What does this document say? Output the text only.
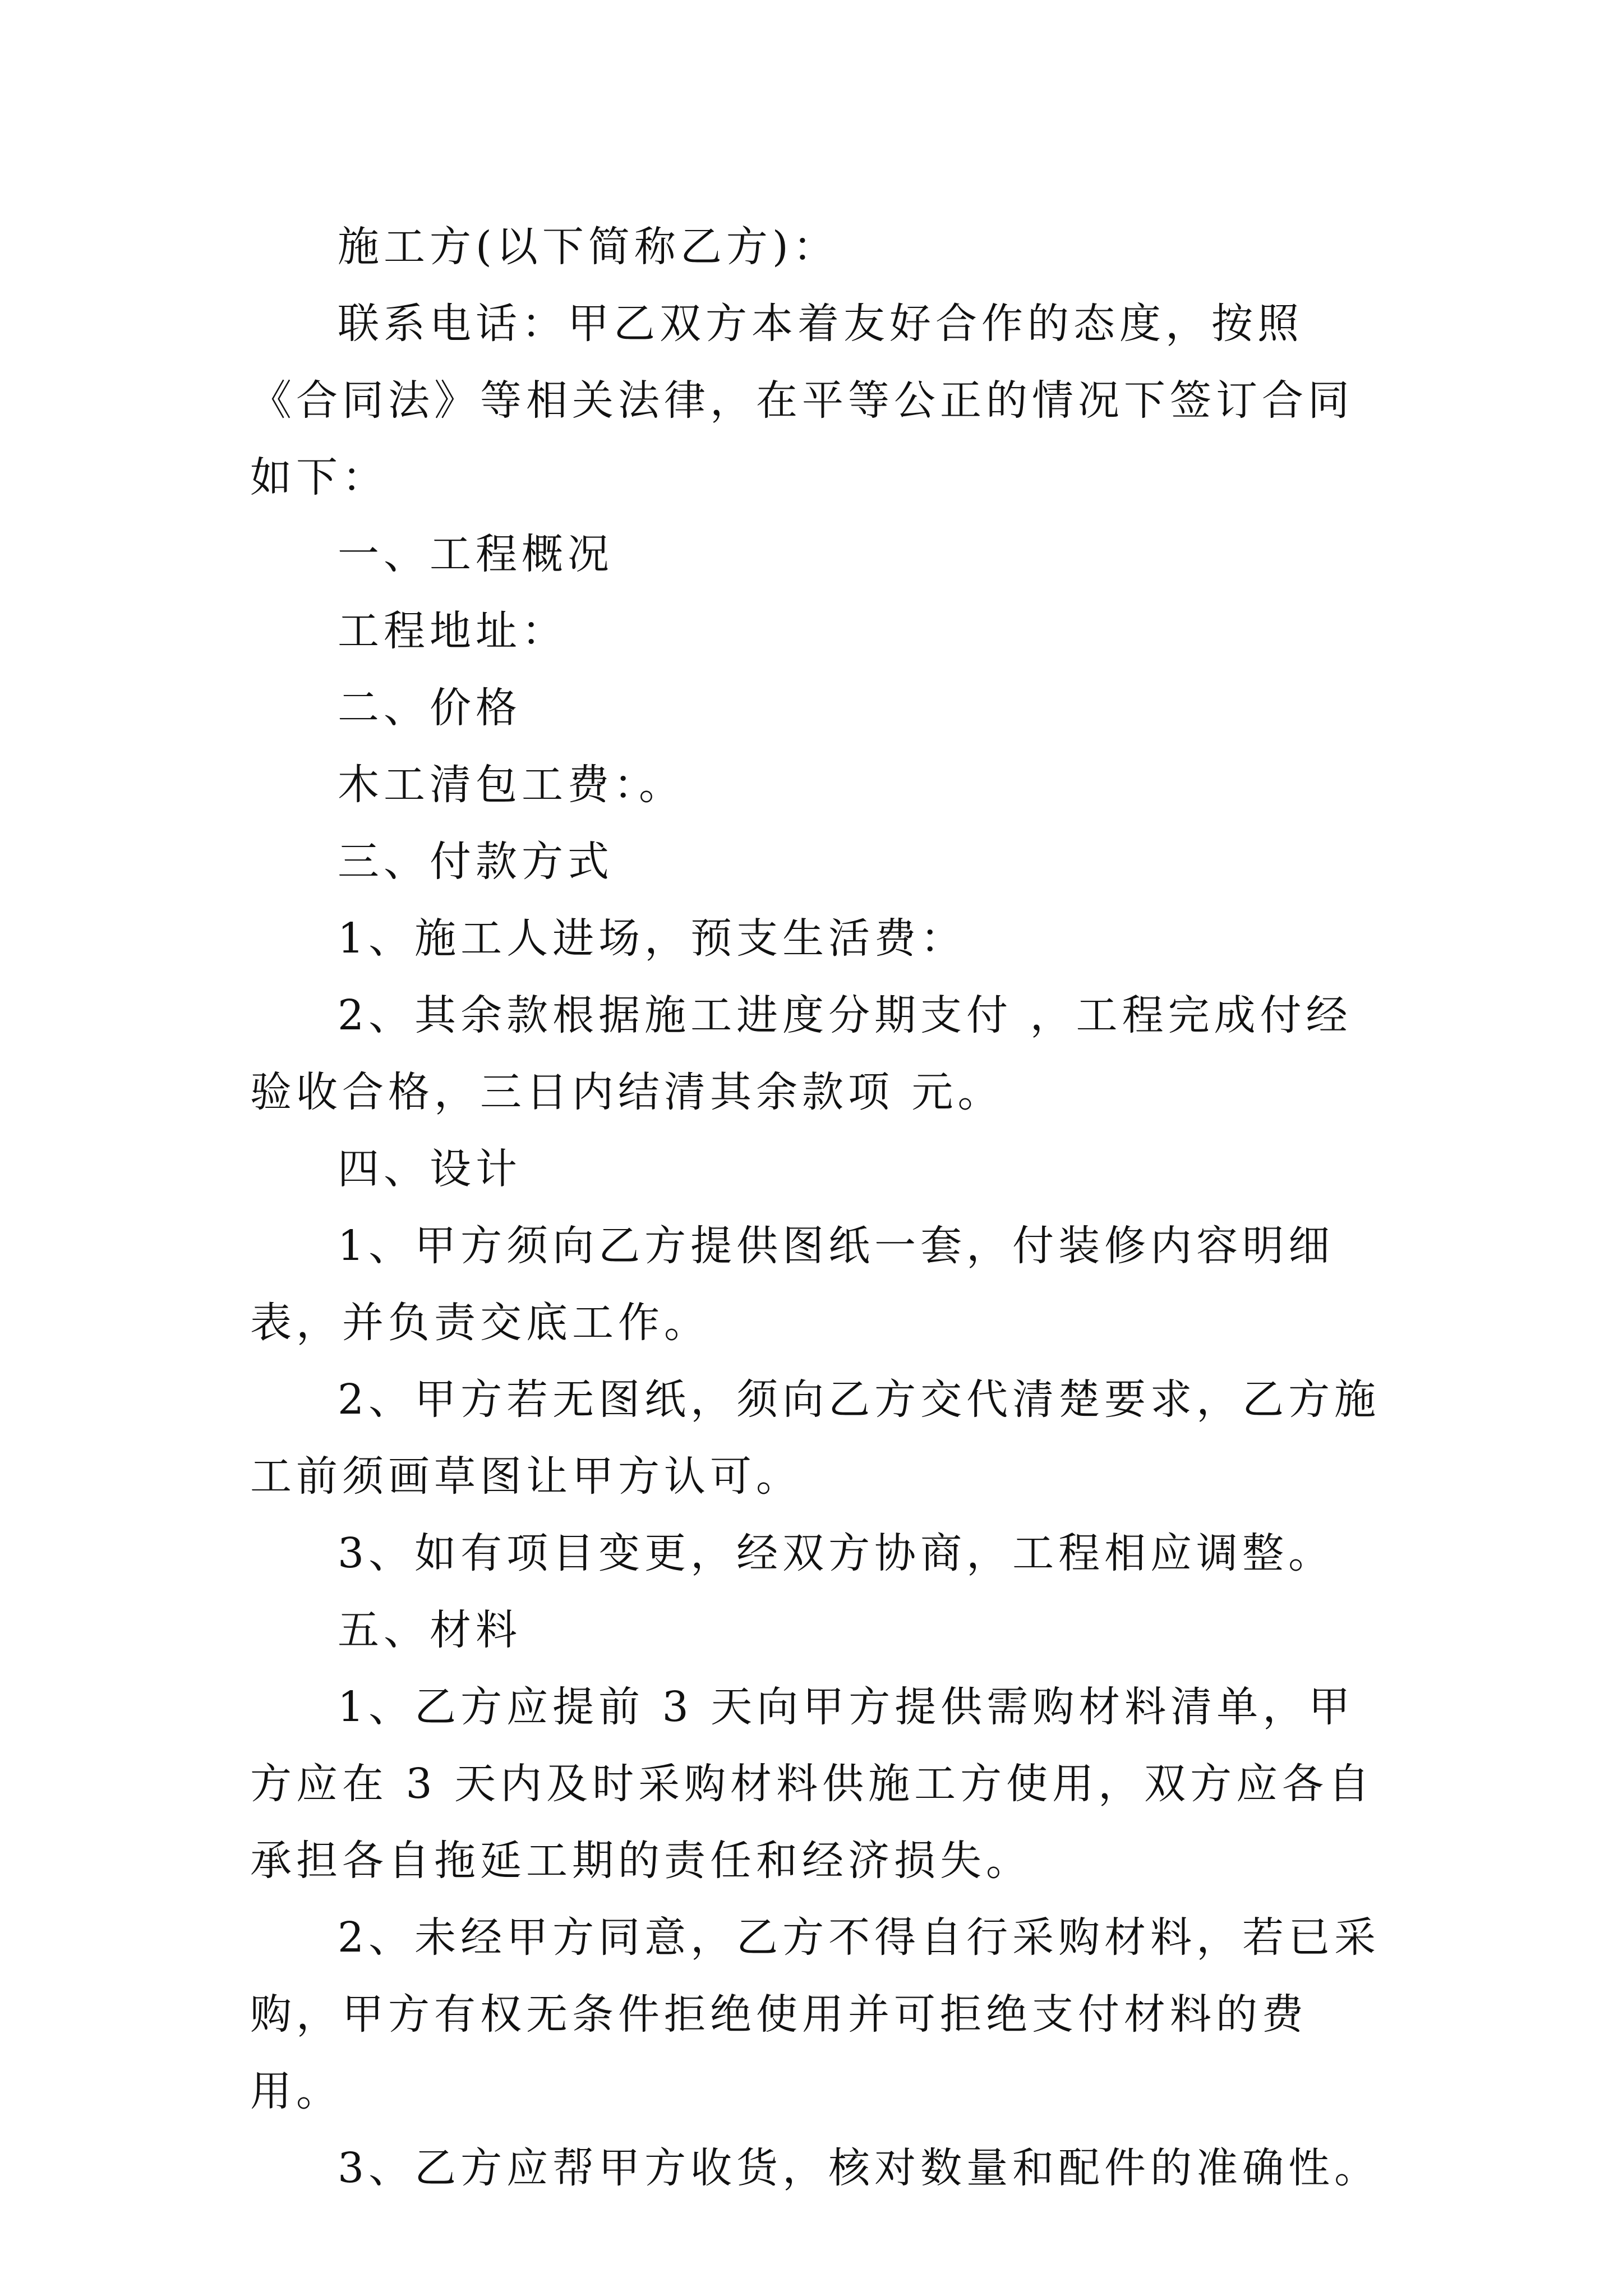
施工方(以下简称乙方)：

联系电话：甲乙双方本着友好合作的态度，按照《合同法》等相关法律，在平等公正的情况下签订合同如下：

一、工程概况

工程地址：

二、价格

木工清包工费：。

三、付款方式

1、施工人进场，预支生活费：

2、其余款根据施工进度分期支付 ，工程完成付经验收合格，三日内结清其余款项 元。

四、设计

1、甲方须向乙方提供图纸一套，付装修内容明细表，并负责交底工作。

2、甲方若无图纸，须向乙方交代清楚要求，乙方施工前须画草图让甲方认可。

3、如有项目变更，经双方协商，工程相应调整。

五、材料

1、乙方应提前 3 天向甲方提供需购材料清单，甲方应在 3 天内及时采购材料供施工方使用，双方应各自承担各自拖延工期的责任和经济损失。

2、未经甲方同意，乙方不得自行采购材料，若已采购，甲方有权无条件拒绝使用并可拒绝支付材料的费用。

3、乙方应帮甲方收货，核对数量和配件的准确性。
